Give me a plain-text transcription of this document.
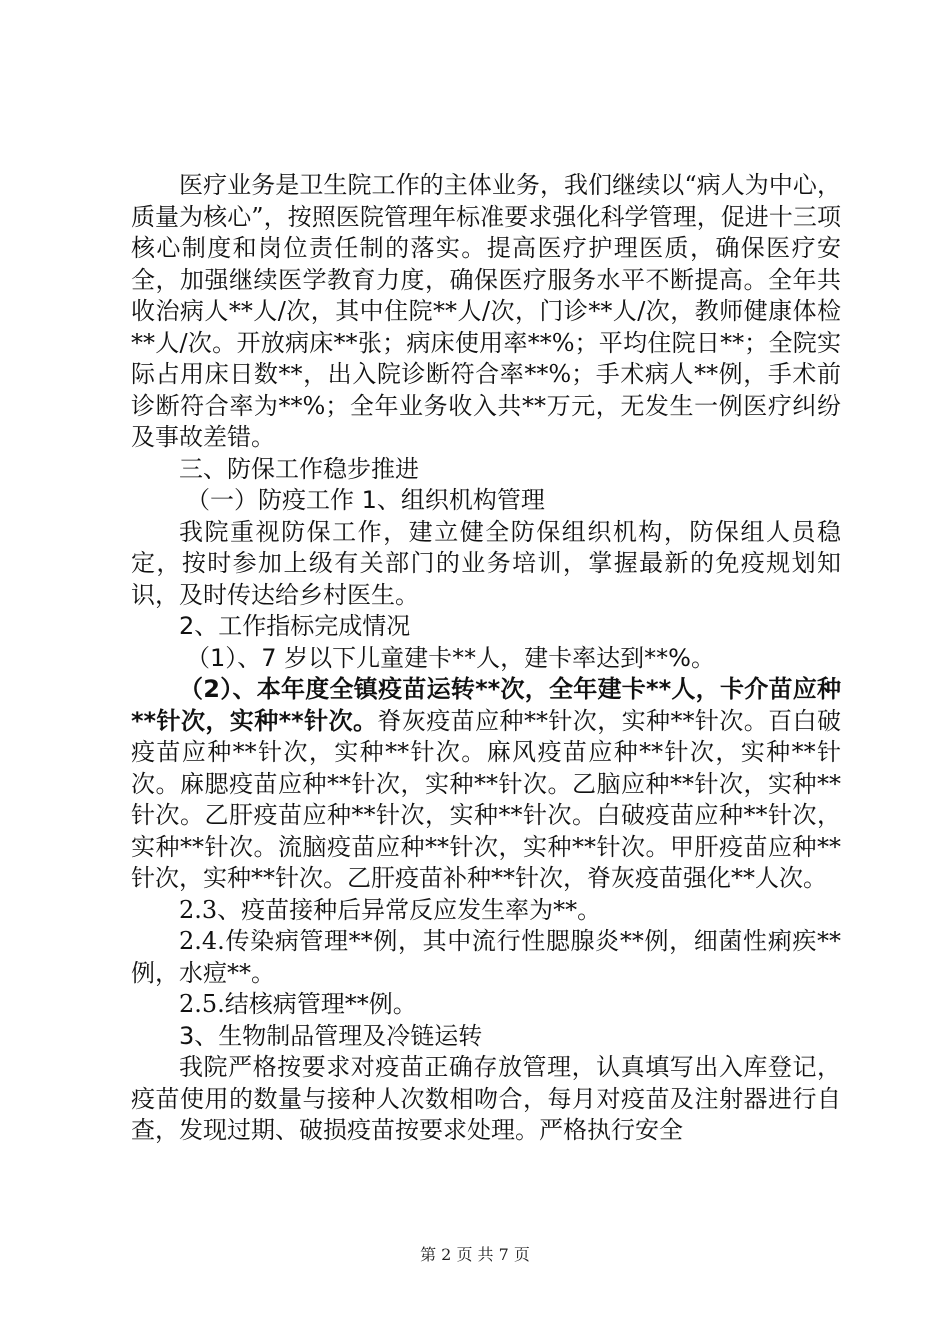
医疗业务是卫生院工作的主体业务，我们继续以“病人为中心，质量为核心”，按照医院管理年标准要求强化科学管理，促进十三项核心制度和岗位责任制的落实。提高医疗护理医质，确保医疗安全，加强继续医学教育力度，确保医疗服务水平不断提高。全年共收治病人**人/次，其中住院**人/次，门诊**人/次，教师健康体检**人/次。开放病床**张；病床使用率**%；平均住院日**；全院实际占用床日数**，出入院诊断符合率**%；手术病人**例，手术前诊断符合率为**%；全年业务收入共**万元，无发生一例医疗纠纷及事故差错。

三、防保工作稳步推进

（一）防疫工作 1、组织机构管理

我院重视防保工作，建立健全防保组织机构，防保组人员稳定，按时参加上级有关部门的业务培训，掌握最新的免疫规划知识，及时传达给乡村医生。

2、工作指标完成情况

（1）、7 岁以下儿童建卡**人，建卡率达到**%。

（2）、本年度全镇疫苗运转**次，全年建卡**人，卡介苗应种**针次，实种**针次。脊灰疫苗应种**针次，实种**针次。百白破疫苗应种**针次，实种**针次。麻风疫苗应种**针次，实种**针次。麻腮疫苗应种**针次，实种**针次。乙脑应种**针次，实种**针次。乙肝疫苗应种**针次，实种**针次。白破疫苗应种**针次，实种**针次。流脑疫苗应种**针次，实种**针次。甲肝疫苗应种**针次，实种**针次。乙肝疫苗补种**针次，脊灰疫苗强化**人次。

2.3、疫苗接种后异常反应发生率为**。

2.4.传染病管理**例，其中流行性腮腺炎**例，细菌性痢疾**例，水痘**。

2.5.结核病管理**例。

3、生物制品管理及冷链运转

我院严格按要求对疫苗正确存放管理，认真填写出入库登记，疫苗使用的数量与接种人次数相吻合，每月对疫苗及注射器进行自查，发现过期、破损疫苗按要求处理。严格执行安全

第 2 页 共 7 页
